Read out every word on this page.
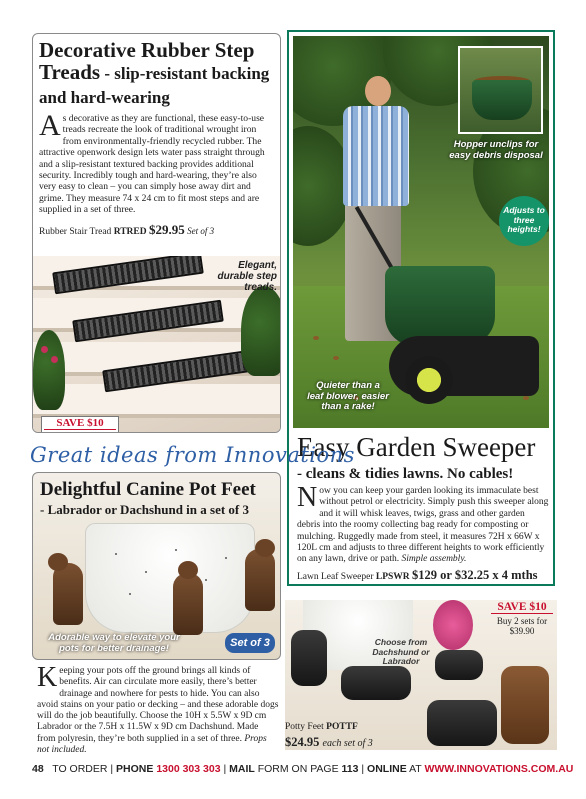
Decorative Rubber Step Treads - slip-resistant backing and hard-wearing
As decorative as they are functional, these easy-to-use treads recreate the look of traditional wrought iron from environmentally-friendly recycled rubber. The attractive openwork design lets water pass straight through and a slip-resistant textured backing provides additional security. Incredibly tough and hard-wearing, they’re also very easy to clean – you can simply hose away dirt and grime. They measure 74 x 24 cm to fit most steps and are supplied in a set of three.
Rubber Stair Tread RTRED $29.95 Set of 3
Elegant, durable step treads.
SAVE $10
Hopper unclips for easy debris disposal
Adjusts to three heights!
Quieter than a leaf blower, easier than a rake!
Easy Garden Sweeper
- cleans & tidies lawns. No cables!
Now you can keep your garden looking its immaculate best without petrol or electricity. Simply push this sweeper along and it will whisk leaves, twigs, grass and other garden debris into the roomy collecting bag ready for composting or mulching. Ruggedly made from steel, it measures 72H x 66W x 120L cm and adjusts to three different heights to work efficiently on any lawn, drive or path. Simple assembly.
Lawn Leaf Sweeper LPSWR $129 or $32.25 x 4 mths
Great ideas from Innovations
Delightful Canine Pot Feet
- Labrador or Dachshund in a set of 3
Adorable way to elevate your pots for better drainage!	Set of 3
Keeping your pots off the ground brings all kinds of benefits. Air can circulate more easily, there’s better drainage and nowhere for pests to hide. You can also avoid stains on your patio or decking – and these adorable dogs will do the job beautifully. Choose the 10H x 5.5W x 9D cm Labrador or the 7.5H x 11.5W x 9D cm Dachshund. Made from polyresin, they’re both supplied in a set of three. Props not included.
Choose from Dachshund or Labrador
SAVE $10
Buy 2 sets for $39.90
Potty Feet POTTF
$24.95 each set of 3
48 TO ORDER | PHONE 1300 303 303 | MAIL FORM ON PAGE 113 | ONLINE AT WWW.INNOVATIONS.COM.AU
